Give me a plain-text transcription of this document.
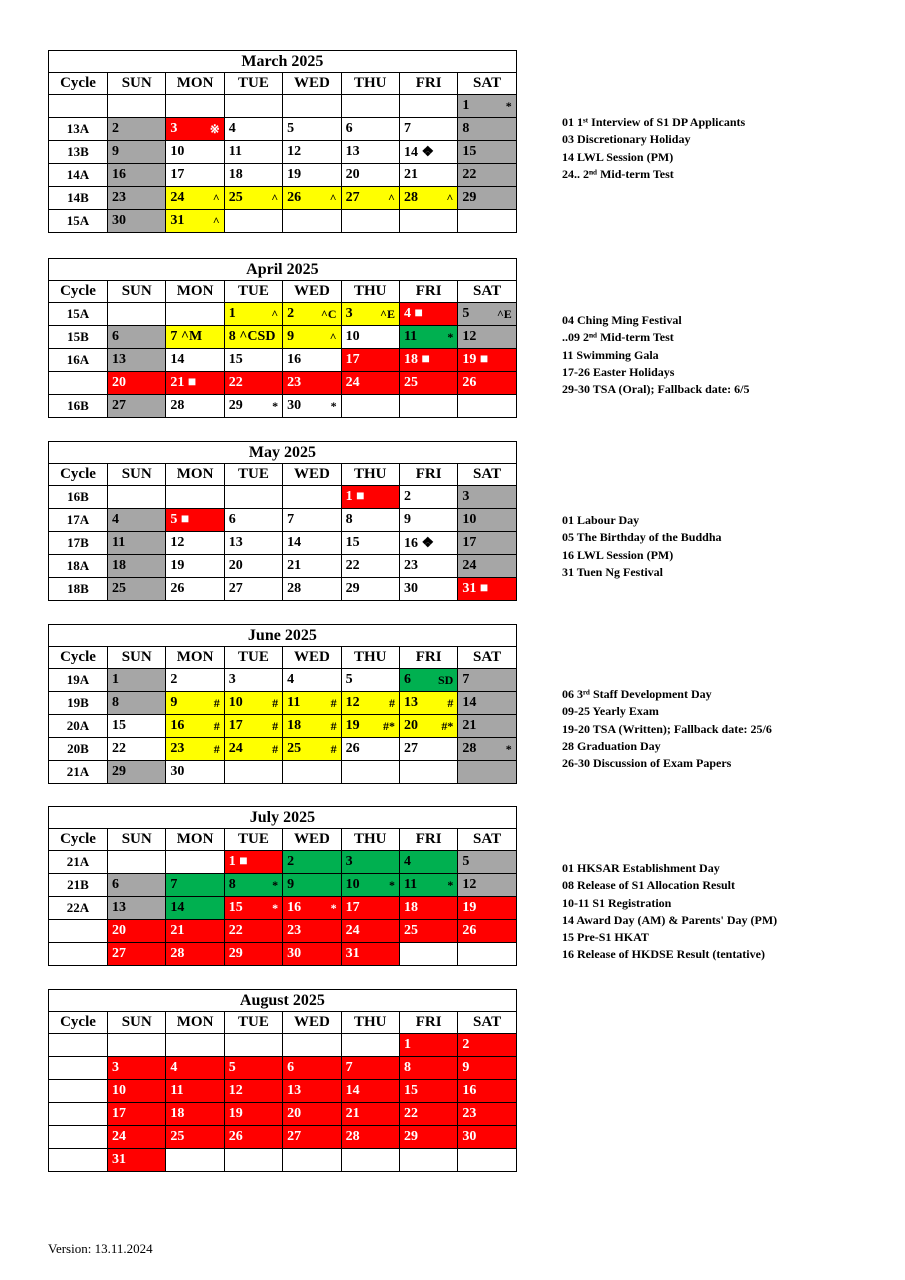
March 2025							
Cycle	SUN	MON	TUE	WED	THU	FRI	SAT

							1 *

13A	2	3 ※	4	5	6	7	8

13B	9	10	11	12	13	14 ❖	15

14A	16	17	18	19	20	21	22

14B	23	24 ^	25 ^	26 ^	27 ^	28 ^	29

15A	30	31 ^					

01 1ˢᵗ Interview of S1 DP Applicants
03 Discretionary Holiday
14 LWL Session (PM)
24.. 2ⁿᵈ Mid-term Test
April 2025							
Cycle	SUN	MON	TUE	WED	THU	FRI	SAT
15A			1 ^	2 ^C	3 ^E	4 ■	5 ^E

15B	6	7 ^M	8 ^CSD	9 ^	10	11 *	12

16A	13	14	15	16	17	18 ■	19 ■

	20	21 ■	22	23	24	25	26

16B	27	28	29 *	30 *			

04 Ching Ming Festival
..09 2ⁿᵈ Mid-term Test
11 Swimming Gala
17-26 Easter Holidays
29-30 TSA (Oral); Fallback date: 6/5
May 2025							
Cycle	SUN	MON	TUE	WED	THU	FRI	SAT
16B					1 ■	2	3

17A	4	5 ■	6	7	8	9	10

17B	11	12	13	14	15	16 ❖	17

18A	18	19	20	21	22	23	24

18B	25	26	27	28	29	30	31 ■
01 Labour Day
05 The Birthday of the Buddha
16 LWL Session (PM)
31 Tuen Ng Festival
June 2025							
Cycle	SUN	MON	TUE	WED	THU	FRI	SAT
19A	1	2	3	4	5	6 SD	7

19B	8	9 #	10 #	11 #	12 #	13 #	14

20A	15	16 #	17 #	18 #	19 #*	20 #*	21

20B	22	23 #	24 #	25 #	26	27	28 *

21A	29	30					

06 3ʳᵈ Staff Development Day
09-25 Yearly Exam
19-20 TSA (Written); Fallback date: 25/6
28 Graduation Day
26-30 Discussion of Exam Papers
July 2025							
Cycle	SUN	MON	TUE	WED	THU	FRI	SAT
21A			1 ■	2	3	4	5

21B	6	7	8 *	9	10 *	11 *	12

22A	13	14	15 *	16 *	17	18	19

	20	21	22	23	24	25	26

	27	28	29	30	31		

01 HKSAR Establishment Day
08 Release of S1 Allocation Result
10-11 S1 Registration
14 Award Day (AM) & Parents' Day (PM)
15 Pre-S1 HKAT
16 Release of HKDSE Result (tentative)
August 2025							
Cycle	SUN	MON	TUE	WED	THU	FRI	SAT

						1	2

	3	4	5	6	7	8	9

	10	11	12	13	14	15	16

	17	18	19	20	21	22	23

	24	25	26	27	28	29	30

	31						

Version: 13.11.2024
